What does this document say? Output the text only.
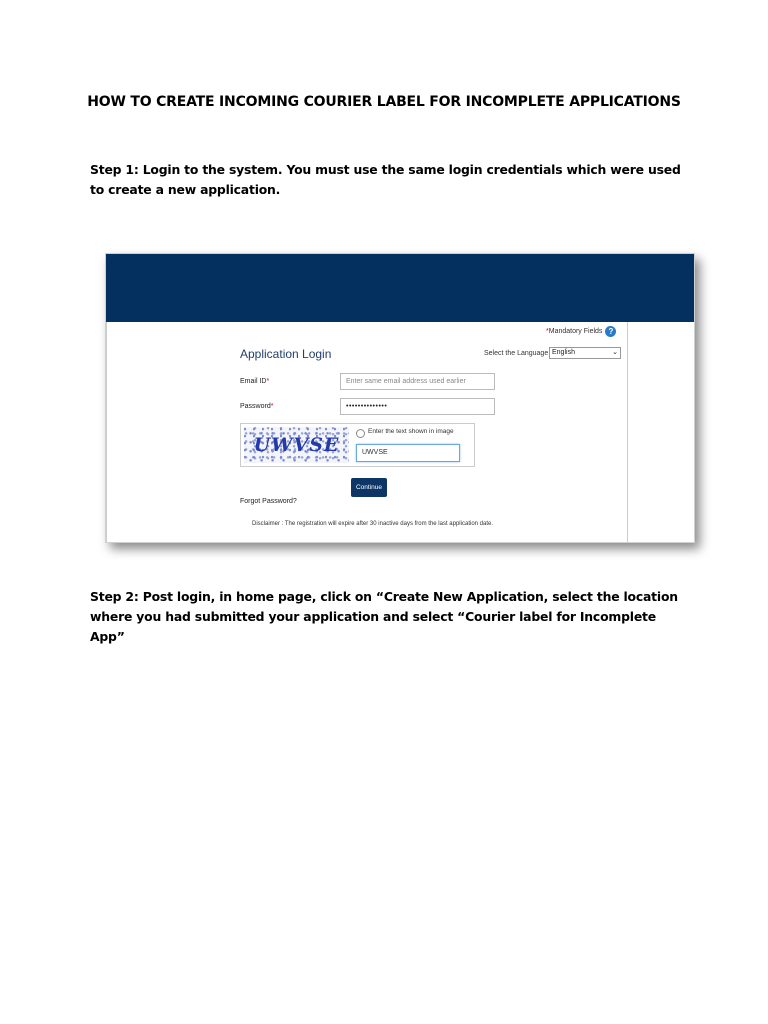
HOW TO CREATE INCOMING COURIER LABEL FOR INCOMPLETE APPLICATIONS
Step 1: Login to the system. You must use the same login credentials which were used to create a new application.
*Mandatory Fields ?
Application Login	Select the Language English	⌄
Email ID*	Enter same email address used earlier
Password*	••••••••••••••
UWVSE
Enter the text shown in image
UWVSE
Continue
Forgot Password?
Disclaimer : The registration will expire after 30 inactive days from the last application date.
Step 2: Post login, in home page, click on “Create New Application, select the location where you had submitted your application and select “Courier label for Incomplete App”
